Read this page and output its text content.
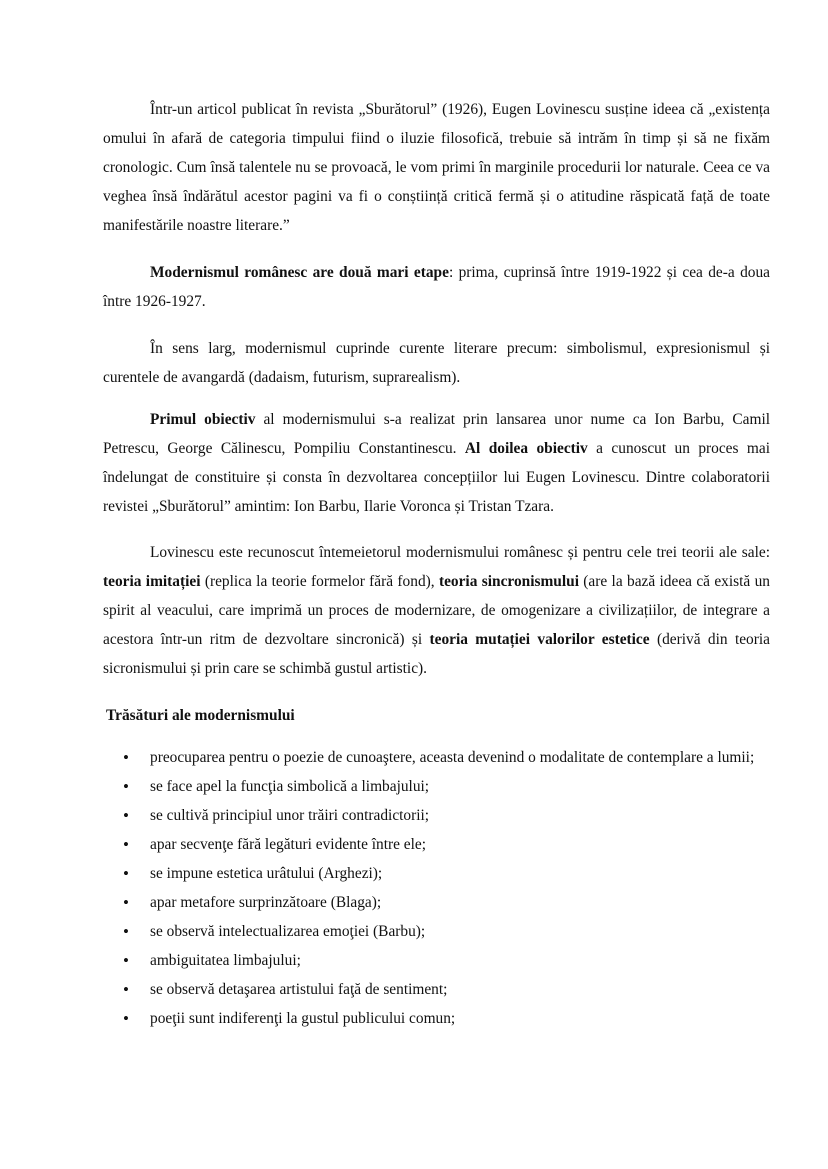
Într-un articol publicat în revista „Sburătorul” (1926), Eugen Lovinescu susține ideea că „existența omului în afară de categoria timpului fiind o iluzie filosofică, trebuie să intrăm în timp și să ne fixăm cronologic. Cum însă talentele nu se provoacă, le vom primi în marginile procedurii lor naturale. Ceea ce va veghea însă îndărătul acestor pagini va fi o conștiință critică fermă și o atitudine răspicată față de toate manifestările noastre literare.”

Modernismul românesc are două mari etape: prima, cuprinsă între 1919-1922 și cea de-a doua între 1926-1927.

În sens larg, modernismul cuprinde curente literare precum: simbolismul, expresionismul și curentele de avangardă (dadaism, futurism, suprarealism).

Primul obiectiv al modernismului s-a realizat prin lansarea unor nume ca Ion Barbu, Camil Petrescu, George Călinescu, Pompiliu Constantinescu. Al doilea obiectiv a cunoscut un proces mai îndelungat de constituire și consta în dezvoltarea concepțiilor lui Eugen Lovinescu. Dintre colaboratorii revistei „Sburătorul” amintim: Ion Barbu, Ilarie Voronca și Tristan Tzara.

Lovinescu este recunoscut întemeietorul modernismului românesc și pentru cele trei teorii ale sale: teoria imitației (replica la teorie formelor fără fond), teoria sincronismului (are la bază ideea că există un spirit al veacului, care imprimă un proces de modernizare, de omogenizare a civilizațiilor, de integrare a acestora într-un ritm de dezvoltare sincronică) și teoria mutației valorilor estetice (derivă din teoria sicronismului și prin care se schimbă gustul artistic).

Trăsături ale modernismului

• preocuparea pentru o poezie de cunoaştere, aceasta devenind o modalitate de contemplare a lumii;
• se face apel la funcţia simbolică a limbajului;
• se cultivă principiul unor trăiri contradictorii;
• apar secvenţe fără legături evidente între ele;
• se impune estetica urâtului (Arghezi);
• apar metafore surprinzătoare (Blaga);
• se observă intelectualizarea emoţiei (Barbu);
• ambiguitatea limbajului;
• se observă detaşarea artistului faţă de sentiment;
• poeţii sunt indiferenţi la gustul publicului comun;
